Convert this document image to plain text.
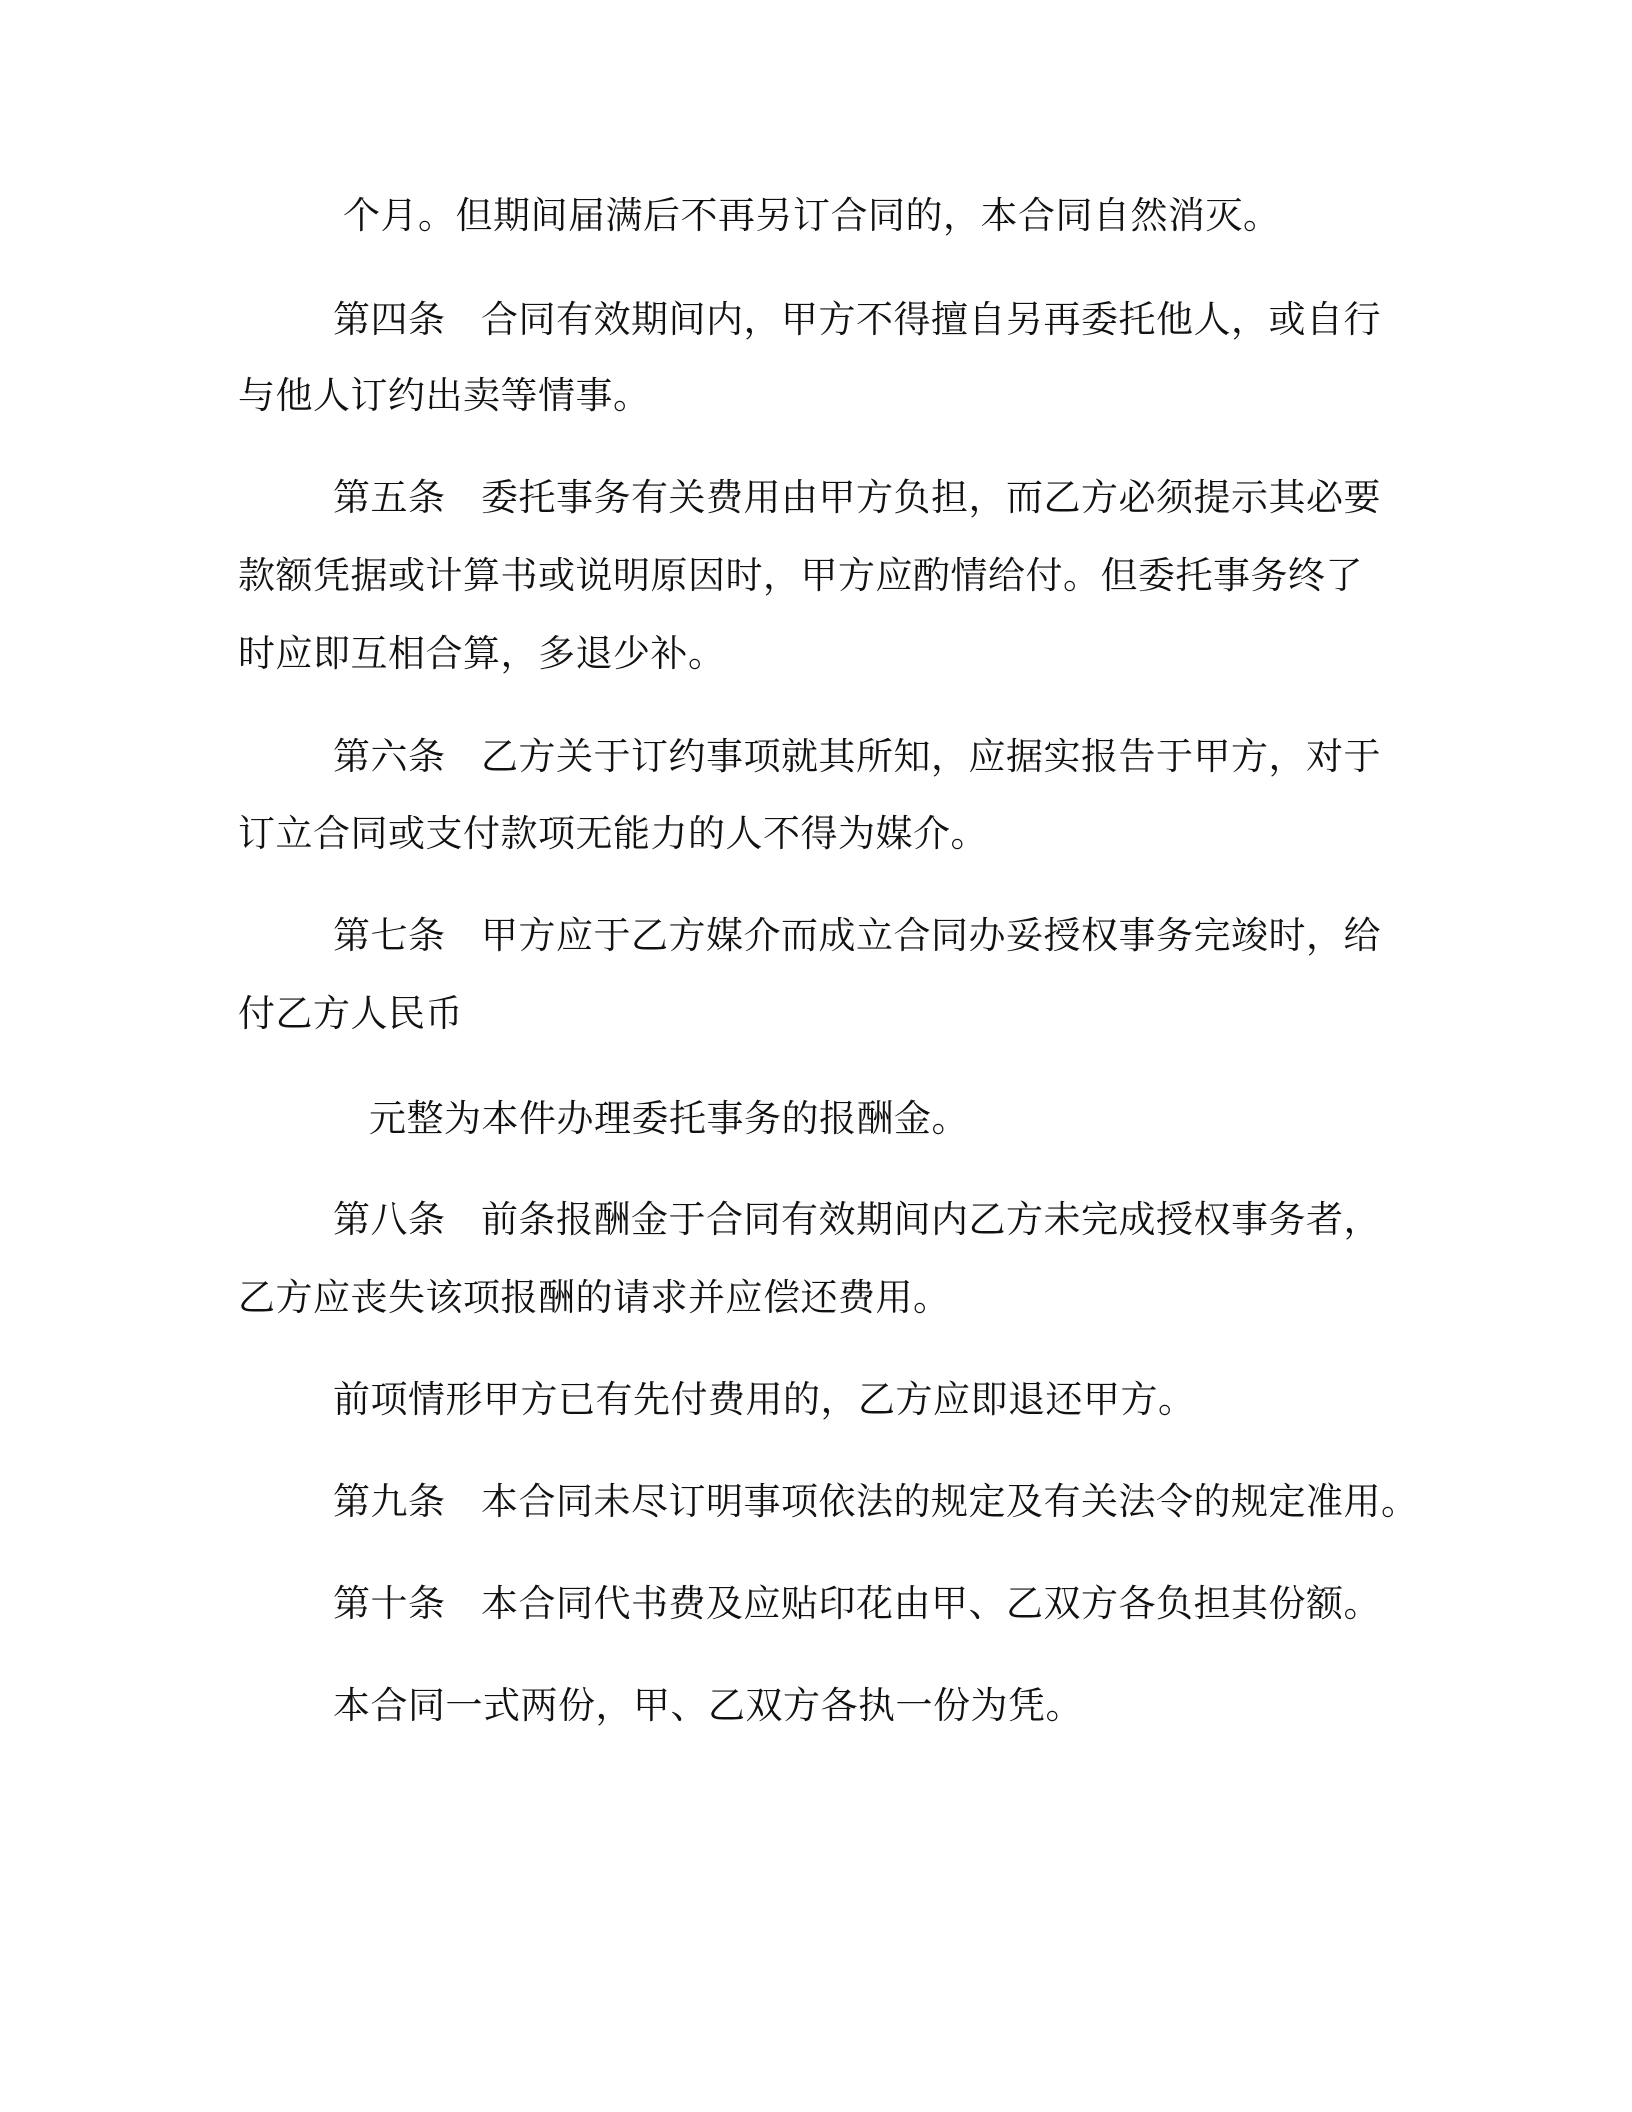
个月。但期间届满后不再另订合同的，本合同自然消灭。

第四条 合同有效期间内，甲方不得擅自另再委托他人，或自行

与他人订约出卖等情事。

第五条 委托事务有关费用由甲方负担，而乙方必须提示其必要

款额凭据或计算书或说明原因时，甲方应酌情给付。但委托事务终了

时应即互相合算，多退少补。

第六条 乙方关于订约事项就其所知，应据实报告于甲方，对于

订立合同或支付款项无能力的人不得为媒介。

第七条 甲方应于乙方媒介而成立合同办妥授权事务完竣时，给

付乙方人民币

元整为本件办理委托事务的报酬金。

第八条 前条报酬金于合同有效期间内乙方未完成授权事务者，

乙方应丧失该项报酬的请求并应偿还费用。

前项情形甲方已有先付费用的，乙方应即退还甲方。

第九条 本合同未尽订明事项依法的规定及有关法令的规定准用。

第十条 本合同代书费及应贴印花由甲、乙双方各负担其份额。

本合同一式两份，甲、乙双方各执一份为凭。
